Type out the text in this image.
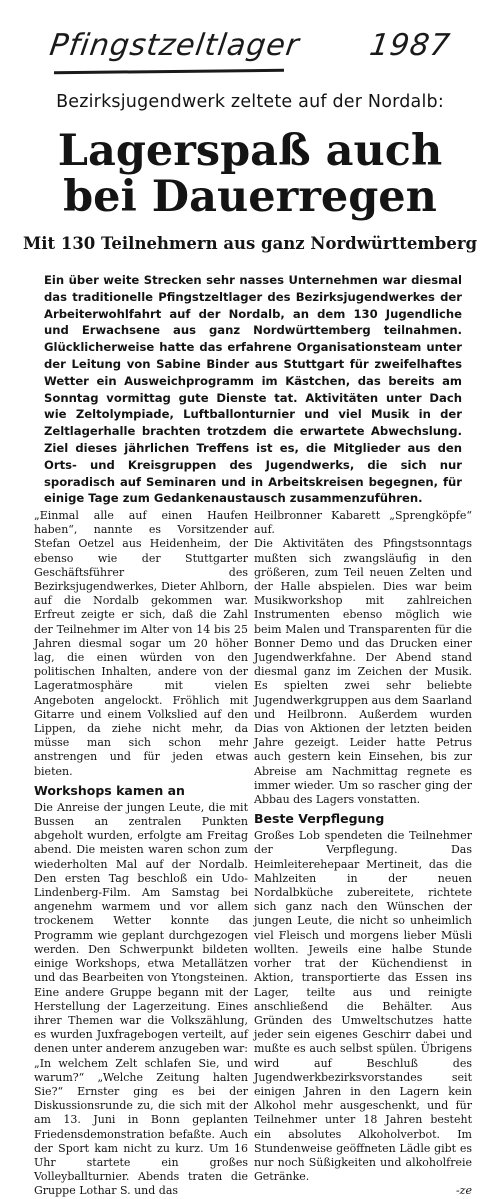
Pfingstzeltlager 1987
Bezirksjugendwerk zeltete auf der Nordalb:
Lagerspaß auch
bei Dauerregen
Mit 130 Teilnehmern aus ganz Nordwürttemberg
Ein über weite Strecken sehr nasses Unternehmen war diesmal das traditionelle Pfingstzeltlager des Bezirksjugendwerkes der Arbeiterwohlfahrt auf der Nordalb, an dem 130 Jugendliche und Erwachsene aus ganz Nordwürttemberg teilnahmen. Glücklicherweise hatte das erfahrene Organisationsteam unter der Leitung von Sabine Binder aus Stuttgart für zweifelhaftes Wetter ein Ausweichprogramm im Kästchen, das bereits am Sonntag vormittag gute Dienste tat. Aktivitäten unter Dach wie Zeltolympiade, Luftballonturnier und viel Musik in der Zeltlagerhalle brachten trotzdem die erwartete Abwechslung. Ziel dieses jährlichen Treffens ist es, die Mitglieder aus den Orts- und Kreisgruppen des Jugendwerks, die sich nur sporadisch auf Seminaren und in Arbeitskreisen begegnen, für einige Tage zum Gedankenaustausch zusammenzuführen.

„Einmal alle auf einen Haufen haben“, nannte es Vorsitzender Stefan Oetzel aus Heidenheim, der ebenso wie der Stuttgarter Geschäftsführer des Bezirksjugendwerkes, Dieter Ahlborn, auf die Nordalb gekommen war. Erfreut zeigte er sich, daß die Zahl der Teilnehmer im Alter von 14 bis 25 Jahren diesmal sogar um 20 höher lag, die einen würden von den politischen Inhalten, andere von der Lageratmosphäre mit vielen Angeboten angelockt. Fröhlich mit Gitarre und einem Volkslied auf den Lippen, da ziehe nicht mehr, da müsse man sich schon mehr anstrengen und für jeden etwas bieten.

Workshops kamen an

Die Anreise der jungen Leute, die mit Bussen an zentralen Punkten abgeholt wurden, erfolgte am Freitag abend. Die meisten waren schon zum wiederholten Mal auf der Nordalb. Den ersten Tag beschloß ein Udo-Lindenberg-Film. Am Samstag bei angenehm warmem und vor allem trockenem Wetter konnte das Programm wie geplant durchgezogen werden. Den Schwerpunkt bildeten einige Workshops, etwa Metallätzen und das Bearbeiten von Ytongsteinen. Eine andere Gruppe begann mit der Herstellung der Lagerzeitung. Eines ihrer Themen war die Volkszählung, es wurden Juxfragebogen verteilt, auf denen unter anderem anzugeben war: „In welchem Zelt schlafen Sie, und warum?“ „Welche Zeitung halten Sie?“ Ernster ging es bei der Diskussionsrunde zu, die sich mit der am 13. Juni in Bonn geplanten Friedensdemonstration befaßte. Auch der Sport kam nicht zu kurz. Um 16 Uhr startete ein großes Volleyballturnier. Abends traten die Gruppe Lothar S. und das

Heilbronner Kabarett „Sprengköpfe“ auf.

Die Aktivitäten des Pfingstsonntags mußten sich zwangsläufig in den größeren, zum Teil neuen Zelten und der Halle abspielen. Dies war beim Musikworkshop mit zahlreichen Instrumenten ebenso möglich wie beim Malen und Transparenten für die Bonner Demo und das Drucken einer Jugendwerkfahne. Der Abend stand diesmal ganz im Zeichen der Musik. Es spielten zwei sehr beliebte Jugendwerkgruppen aus dem Saarland und Heilbronn. Außerdem wurden Dias von Aktionen der letzten beiden Jahre gezeigt. Leider hatte Petrus auch gestern kein Einsehen, bis zur Abreise am Nachmittag regnete es immer wieder. Um so rascher ging der Abbau des Lagers vonstatten.

Beste Verpflegung

Großes Lob spendeten die Teilnehmer der Verpflegung. Das Heimleiterehepaar Mertineit, das die Mahlzeiten in der neuen Nordalbküche zubereitete, richtete sich ganz nach den Wünschen der jungen Leute, die nicht so unheimlich viel Fleisch und morgens lieber Müsli wollten. Jeweils eine halbe Stunde vorher trat der Küchendienst in Aktion, transportierte das Essen ins Lager, teilte aus und reinigte anschließend die Behälter. Aus Gründen des Umweltschutzes hatte jeder sein eigenes Geschirr dabei und mußte es auch selbst spülen. Übrigens wird auf Beschluß des Jugendwerkbezirksvorstandes seit einigen Jahren in den Lagern kein Alkohol mehr ausgeschenkt, und für Teilnehmer unter 18 Jahren besteht ein absolutes Alkoholverbot. Im Stundenweise geöffneten Lädle gibt es nur noch Süßigkeiten und alkoholfreie Getränke.

-ze
